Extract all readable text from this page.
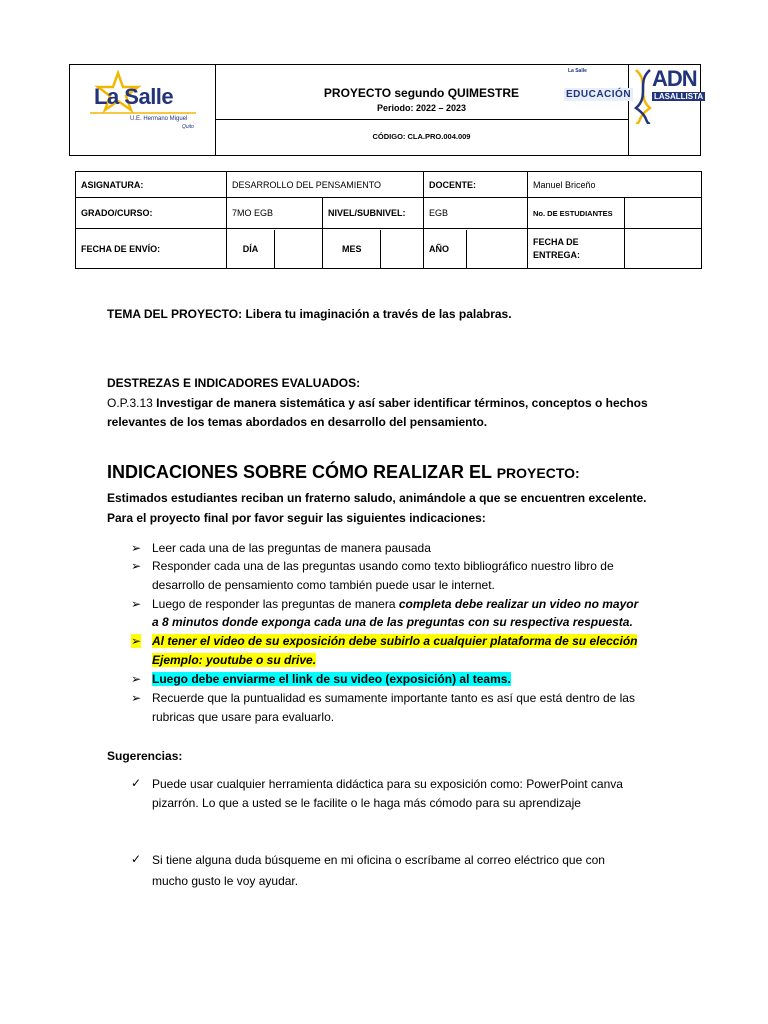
La Salle
U.E. Hermano Miguel
Quito
PROYECTO segundo QUIMESTRE
Periodo: 2022 – 2023
CÓDIGO: CLA.PRO.004.009
La Salle
EDUCACIÓN
ADN
LASALLISTA
ASIGNATURA:	DESARROLLO DEL PENSAMIENTO		DOCENTE:	Manuel Briceño	
GRADO/CURSO:	7MO EGB	NIVEL/SUBNIVEL:	EGB	No. DE ESTUDIANTES	
FECHA DE ENVÍO:	DÍA	MES	AÑO	FECHA DE
ENTREGA:	

TEMA DEL PROYECTO: Libera tu imaginación a través de las palabras.
DESTREZAS E INDICADORES EVALUADOS:
O.P.3.13 Investigar de manera sistemática y así saber identificar términos, conceptos o hechos
relevantes de los temas abordados en desarrollo del pensamiento.
INDICACIONES SOBRE CÓMO REALIZAR EL PROYECTO:
Estimados estudiantes reciban un fraterno saludo, animándole a que se encuentren excelente.
Para el proyecto final por favor seguir las siguientes indicaciones:
➢ Leer cada una de las preguntas de manera pausada
➢ Responder cada una de las preguntas usando como texto bibliográfico nuestro libro de
desarrollo de pensamiento como también puede usar le internet.
➢ Luego de responder las preguntas de manera completa debe realizar un video no mayor
a 8 minutos donde exponga cada una de las preguntas con su respectiva respuesta.
➢ Al tener el video de su exposición debe subirlo a cualquier plataforma de su elección
Ejemplo: youtube o su drive.
➢ Luego debe enviarme el link de su video (exposición) al teams.
➢ Recuerde que la puntualidad es sumamente importante tanto es así que está dentro de las
rubricas que usare para evaluarlo.
Sugerencias:
✓ Puede usar cualquier herramienta didáctica para su exposición como: PowerPoint canva
pizarrón. Lo que a usted se le facilite o le haga más cómodo para su aprendizaje
✓ Si tiene alguna duda búsqueme en mi oficina o escríbame al correo eléctrico que con
mucho gusto le voy ayudar.
